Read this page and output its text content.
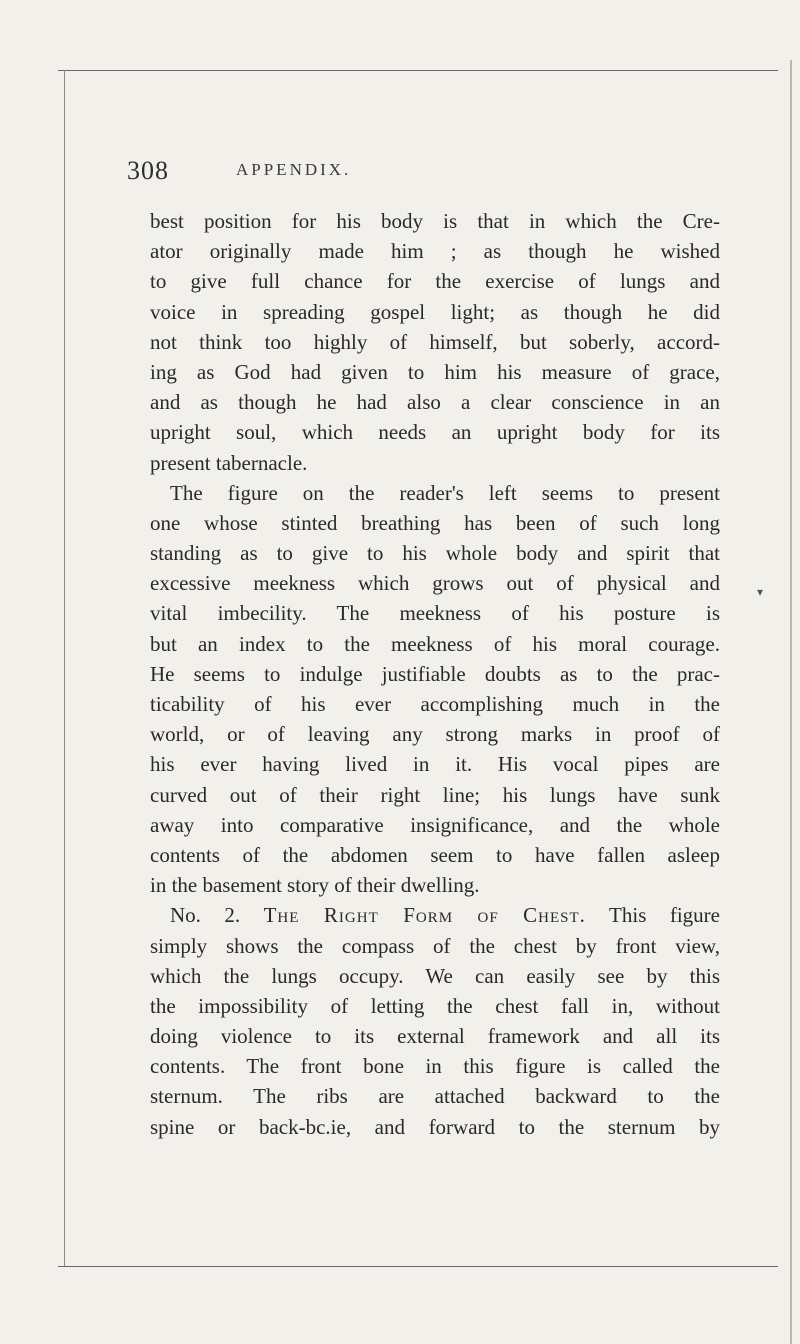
308	APPENDIX.
▾
best position for his body is that in which the Cre-
ator originally made him ; as though he wished
to give full chance for the exercise of lungs and
voice in spreading gospel light; as though he did
not think too highly of himself, but soberly, accord-
ing as God had given to him his measure of grace,
and as though he had also a clear conscience in an
upright soul, which needs an upright body for its
present tabernacle.
The figure on the reader's left seems to present
one whose stinted breathing has been of such long
standing as to give to his whole body and spirit that
excessive meekness which grows out of physical and
vital imbecility. The meekness of his posture is
but an index to the meekness of his moral courage.
He seems to indulge justifiable doubts as to the prac-
ticability of his ever accomplishing much in the
world, or of leaving any strong marks in proof of
his ever having lived in it. His vocal pipes are
curved out of their right line; his lungs have sunk
away into comparative insignificance, and the whole
contents of the abdomen seem to have fallen asleep
in the basement story of their dwelling.
No. 2. The Right Form of Chest. This figure
simply shows the compass of the chest by front view,
which the lungs occupy. We can easily see by this
the impossibility of letting the chest fall in, without
doing violence to its external framework and all its
contents. The front bone in this figure is called the
sternum. The ribs are attached backward to the
spine or back-bc.ie, and forward to the sternum by
